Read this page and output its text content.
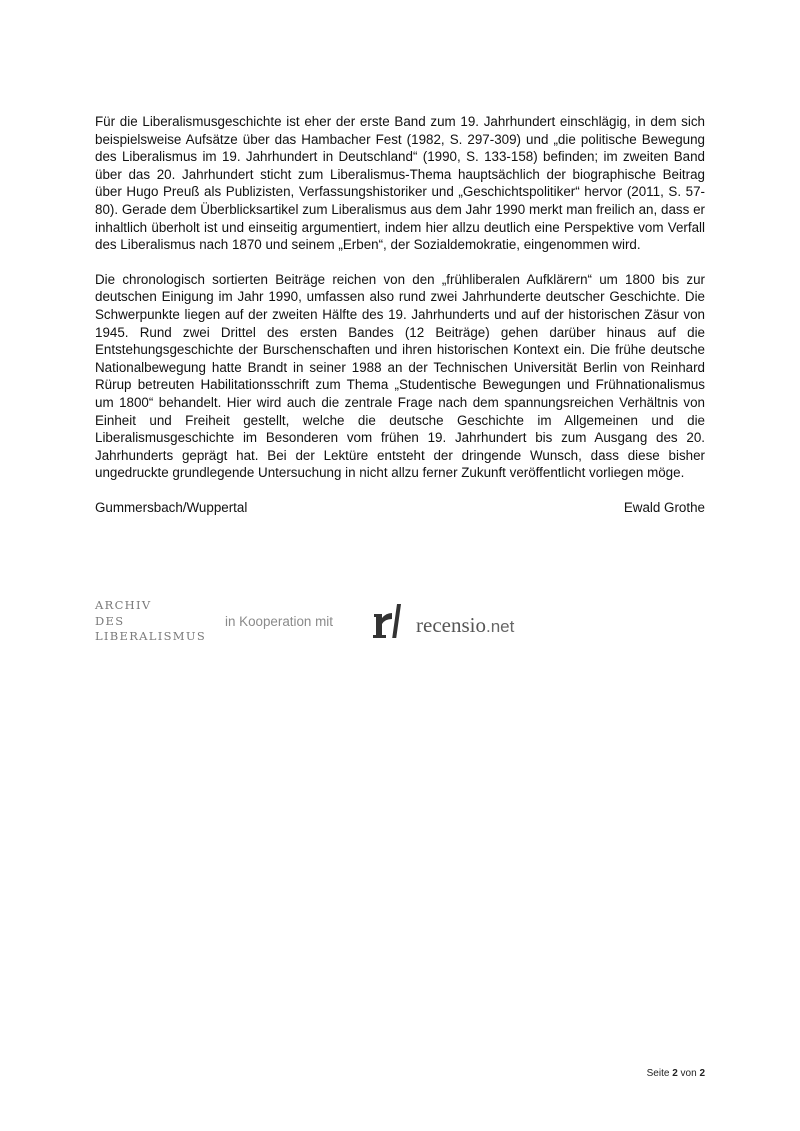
Für die Liberalismusgeschichte ist eher der erste Band zum 19. Jahrhundert einschlägig, in dem sich beispielsweise Aufsätze über das Hambacher Fest (1982, S. 297-309) und „die politische Bewegung des Liberalismus im 19. Jahrhundert in Deutschland“ (1990, S. 133-158) befinden; im zweiten Band über das 20. Jahrhundert sticht zum Liberalismus-Thema hauptsächlich der biographische Beitrag über Hugo Preuß als Publizisten, Verfassungshistoriker und „Geschichtspolitiker“ hervor (2011, S. 57-80). Gerade dem Überblicksartikel zum Liberalismus aus dem Jahr 1990 merkt man freilich an, dass er inhaltlich überholt ist und einseitig argumentiert, indem hier allzu deutlich eine Perspektive vom Verfall des Liberalismus nach 1870 und seinem „Erben“, der Sozialdemokratie, eingenommen wird.

Die chronologisch sortierten Beiträge reichen von den „frühliberalen Aufklärern“ um 1800 bis zur deutschen Einigung im Jahr 1990, umfassen also rund zwei Jahrhunderte deutscher Geschichte. Die Schwerpunkte liegen auf der zweiten Hälfte des 19. Jahrhunderts und auf der historischen Zäsur von 1945. Rund zwei Drittel des ersten Bandes (12 Beiträge) gehen darüber hinaus auf die Entstehungsgeschichte der Burschenschaften und ihren historischen Kontext ein. Die frühe deutsche Nationalbewegung hatte Brandt in seiner 1988 an der Technischen Universität Berlin von Reinhard Rürup betreuten Habilitationsschrift zum Thema „Studentische Bewegungen und Frühnationalismus um 1800“ behandelt. Hier wird auch die zentrale Frage nach dem spannungsreichen Verhältnis von Einheit und Freiheit gestellt, welche die deutsche Geschichte im Allgemeinen und die Liberalismusgeschichte im Besonderen vom frühen 19. Jahrhundert bis zum Ausgang des 20. Jahrhunderts geprägt hat. Bei der Lektüre entsteht der dringende Wunsch, dass diese bisher ungedruckte grundlegende Untersuchung in nicht allzu ferner Zukunft veröffentlicht vorliegen möge.

Gummersbach/Wuppertal	Ewald Grothe
ARCHIV
DES
LIBERALISMUS
in Kooperation mit	recensio.net
Seite 2 von 2
